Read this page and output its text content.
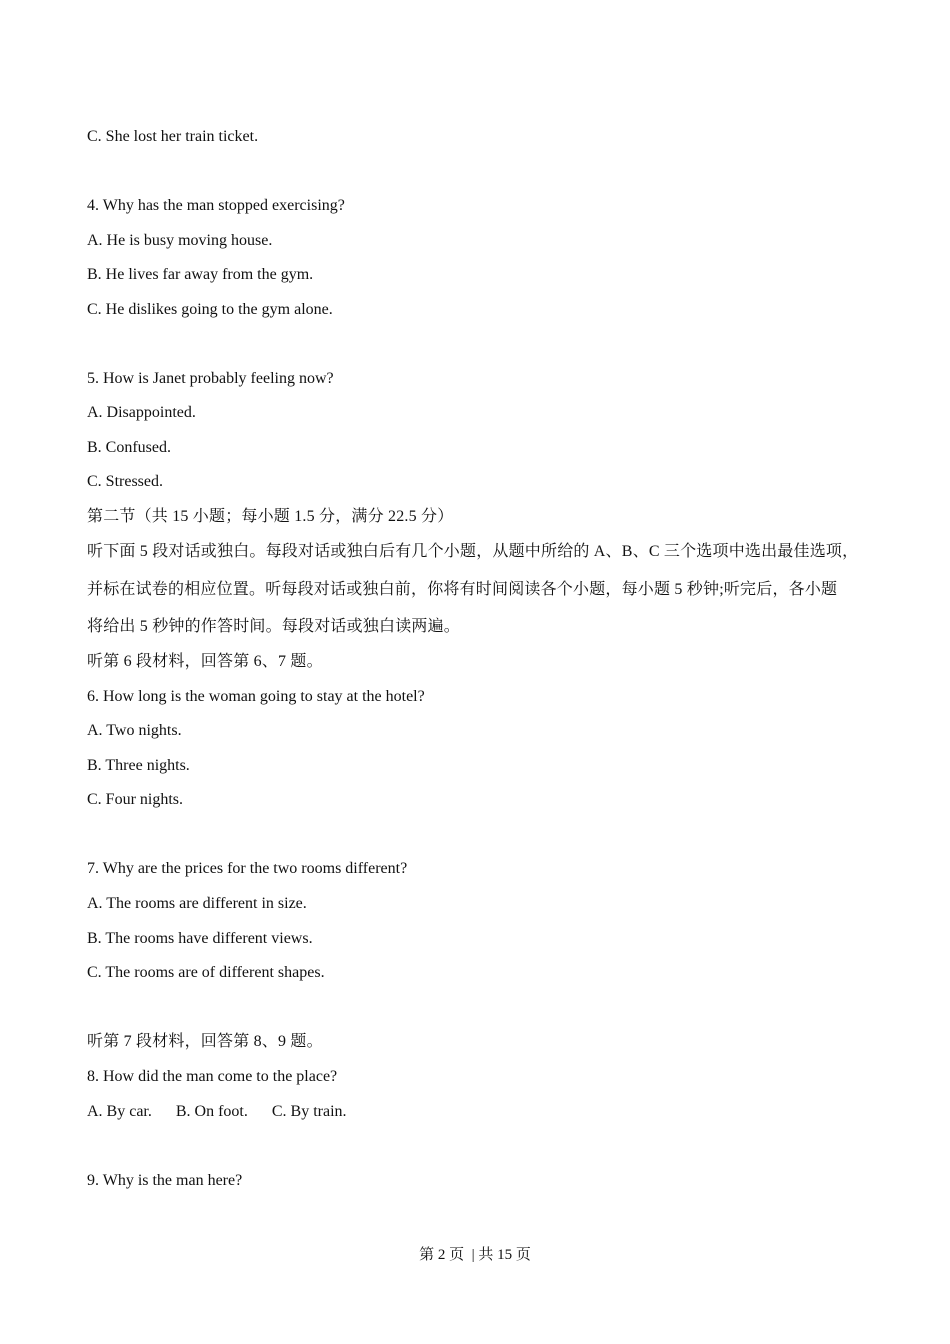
C. She lost her train ticket.
4. Why has the man stopped exercising?
A. He is busy moving house.
B. He lives far away from the gym.
C. He dislikes going to the gym alone.
5. How is Janet probably feeling now?
A. Disappointed.
B. Confused.
C. Stressed.
第二节（共 15 小题；每小题 1.5 分，满分 22.5 分）
听下面 5 段对话或独白。每段对话或独白后有几个小题，从题中所给的 A、B、C 三个选项中选出最佳选项，
并标在试卷的相应位置。听每段对话或独白前，你将有时间阅读各个小题，每小题 5 秒钟;听完后，各小题
将给出 5 秒钟的作答时间。每段对话或独白读两遍。
听第 6 段材料，回答第 6、7 题。
6. How long is the woman going to stay at the hotel?
A. Two nights.
B. Three nights.
C. Four nights.
7. Why are the prices for the two rooms different?
A. The rooms are different in size.
B. The rooms have different views.
C. The rooms are of different shapes.
听第 7 段材料，回答第 8、9 题。
8. How did the man come to the place?
A. By car. B. On foot. C. By train.
9. Why is the man here?
第 2 页  | 共 15 页
